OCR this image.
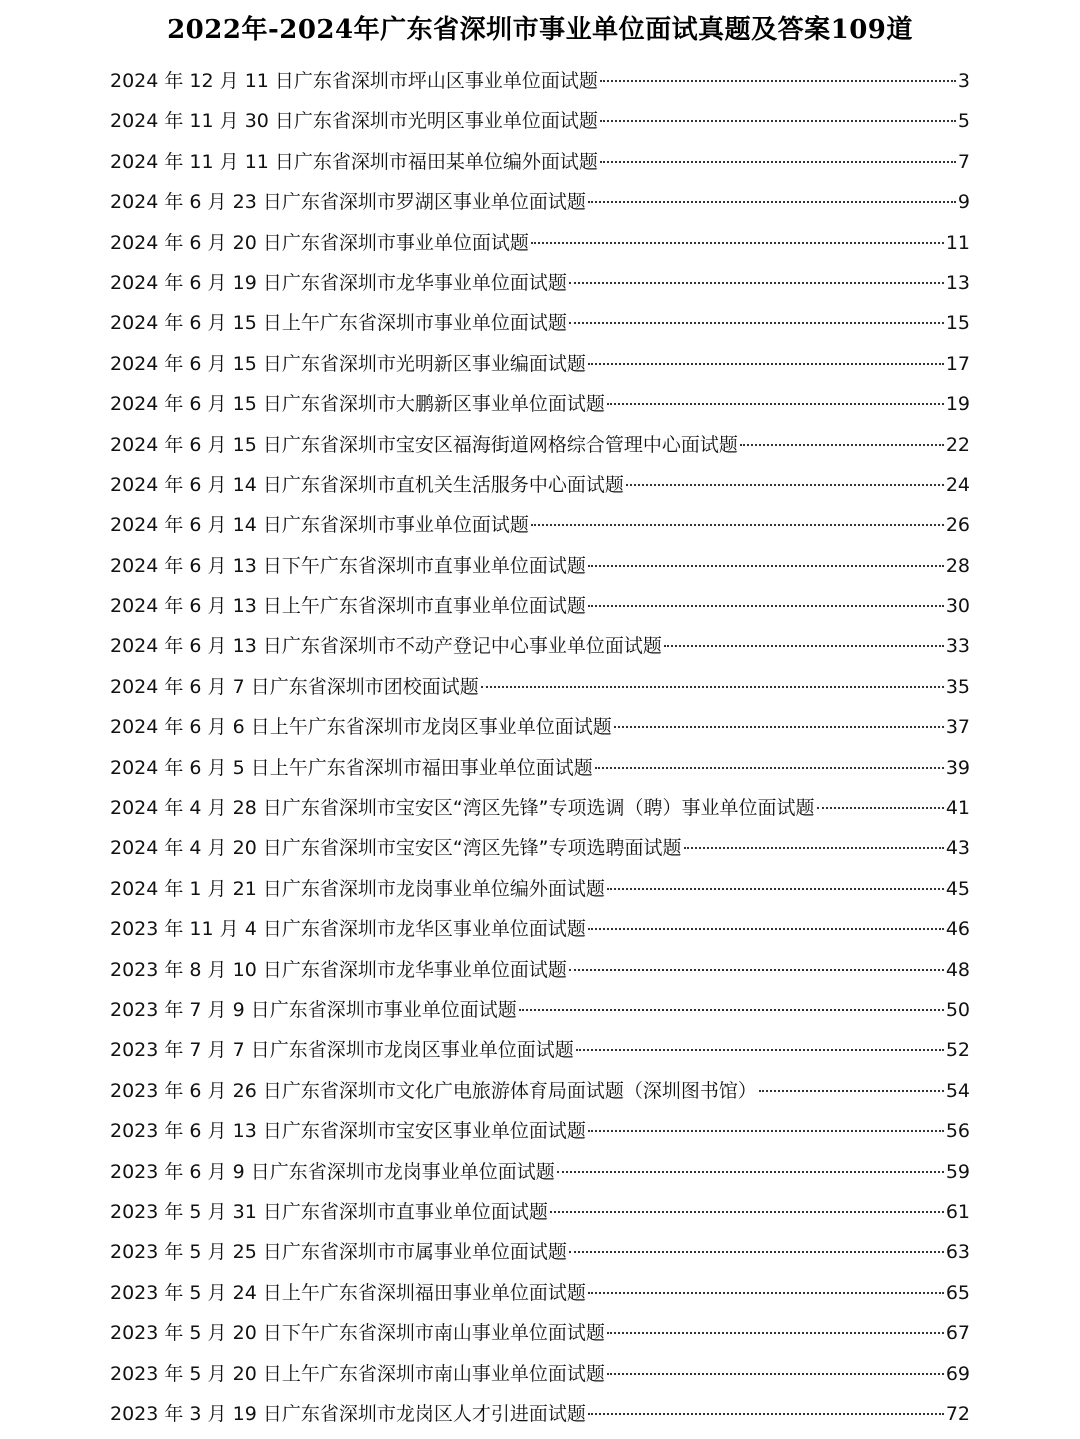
2022年-2024年广东省深圳市事业单位面试真题及答案109道
2024 年 12 月 11 日广东省深圳市坪山区事业单位面试题	3
2024 年 11 月 30 日广东省深圳市光明区事业单位面试题	5
2024 年 11 月 11 日广东省深圳市福田某单位编外面试题	7
2024 年 6 月 23 日广东省深圳市罗湖区事业单位面试题	9
2024 年 6 月 20 日广东省深圳市事业单位面试题	11
2024 年 6 月 19 日广东省深圳市龙华事业单位面试题	13
2024 年 6 月 15 日上午广东省深圳市事业单位面试题	15
2024 年 6 月 15 日广东省深圳市光明新区事业编面试题	17
2024 年 6 月 15 日广东省深圳市大鹏新区事业单位面试题	19
2024 年 6 月 15 日广东省深圳市宝安区福海街道网格综合管理中心面试题	22
2024 年 6 月 14 日广东省深圳市直机关生活服务中心面试题	24
2024 年 6 月 14 日广东省深圳市事业单位面试题	26
2024 年 6 月 13 日下午广东省深圳市直事业单位面试题	28
2024 年 6 月 13 日上午广东省深圳市直事业单位面试题	30
2024 年 6 月 13 日广东省深圳市不动产登记中心事业单位面试题	33
2024 年 6 月 7 日广东省深圳市团校面试题	35
2024 年 6 月 6 日上午广东省深圳市龙岗区事业单位面试题	37
2024 年 6 月 5 日上午广东省深圳市福田事业单位面试题	39
2024 年 4 月 28 日广东省深圳市宝安区“湾区先锋”专项选调（聘）事业单位面试题	41
2024 年 4 月 20 日广东省深圳市宝安区“湾区先锋”专项选聘面试题	43
2024 年 1 月 21 日广东省深圳市龙岗事业单位编外面试题	45
2023 年 11 月 4 日广东省深圳市龙华区事业单位面试题	46
2023 年 8 月 10 日广东省深圳市龙华事业单位面试题	48
2023 年 7 月 9 日广东省深圳市事业单位面试题	50
2023 年 7 月 7 日广东省深圳市龙岗区事业单位面试题	52
2023 年 6 月 26 日广东省深圳市文化广电旅游体育局面试题（深圳图书馆）	54
2023 年 6 月 13 日广东省深圳市宝安区事业单位面试题	56
2023 年 6 月 9 日广东省深圳市龙岗事业单位面试题	59
2023 年 5 月 31 日广东省深圳市直事业单位面试题	61
2023 年 5 月 25 日广东省深圳市市属事业单位面试题	63
2023 年 5 月 24 日上午广东省深圳福田事业单位面试题	65
2023 年 5 月 20 日下午广东省深圳市南山事业单位面试题	67
2023 年 5 月 20 日上午广东省深圳市南山事业单位面试题	69
2023 年 3 月 19 日广东省深圳市龙岗区人才引进面试题	72
